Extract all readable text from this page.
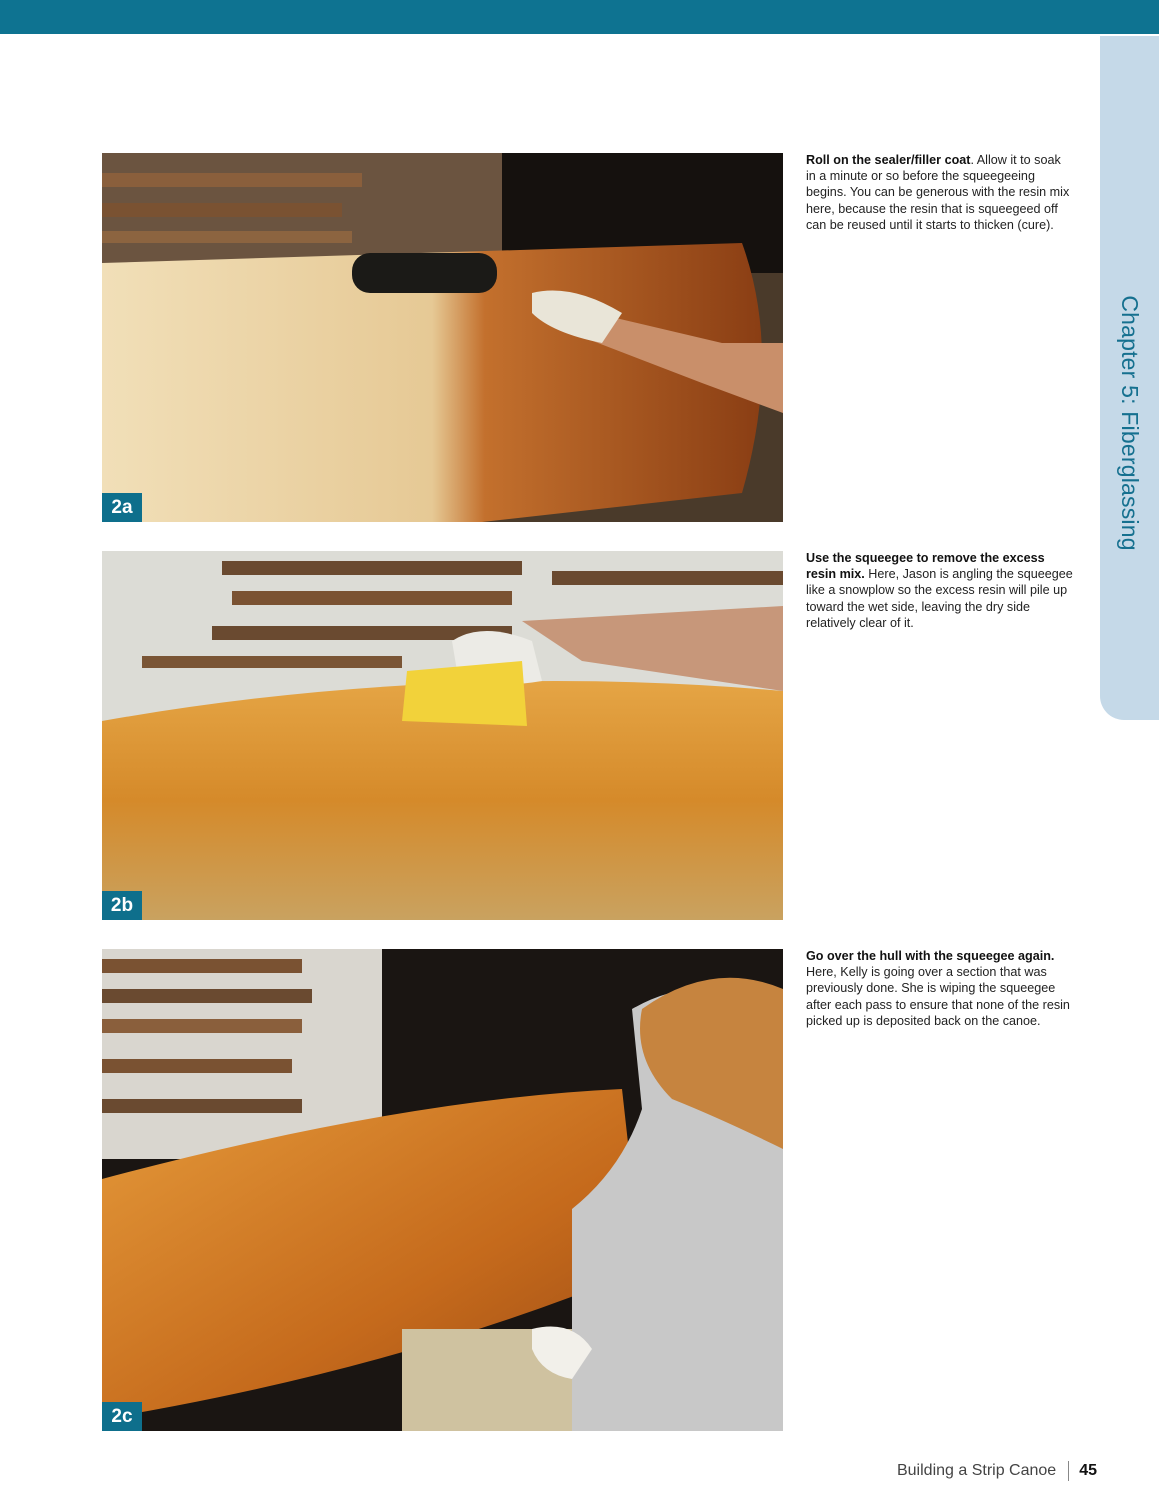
Chapter 5: Fiberglassing
2a
Roll on the sealer/filler coat. Allow it to soak in a minute or so before the squeegeeing begins. You can be generous with the resin mix here, because the resin that is squeegeed off can be reused until it starts to thicken (cure).
2b
Use the squeegee to remove the excess resin mix. Here, Jason is angling the squeegee like a snowplow so the excess resin will pile up toward the wet side, leaving the dry side relatively clear of it.
2c
Go over the hull with the squeegee again. Here, Kelly is going over a section that was previously done. She is wiping the squeegee after each pass to ensure that none of the resin picked up is deposited back on the canoe.
Building a Strip Canoe 45
